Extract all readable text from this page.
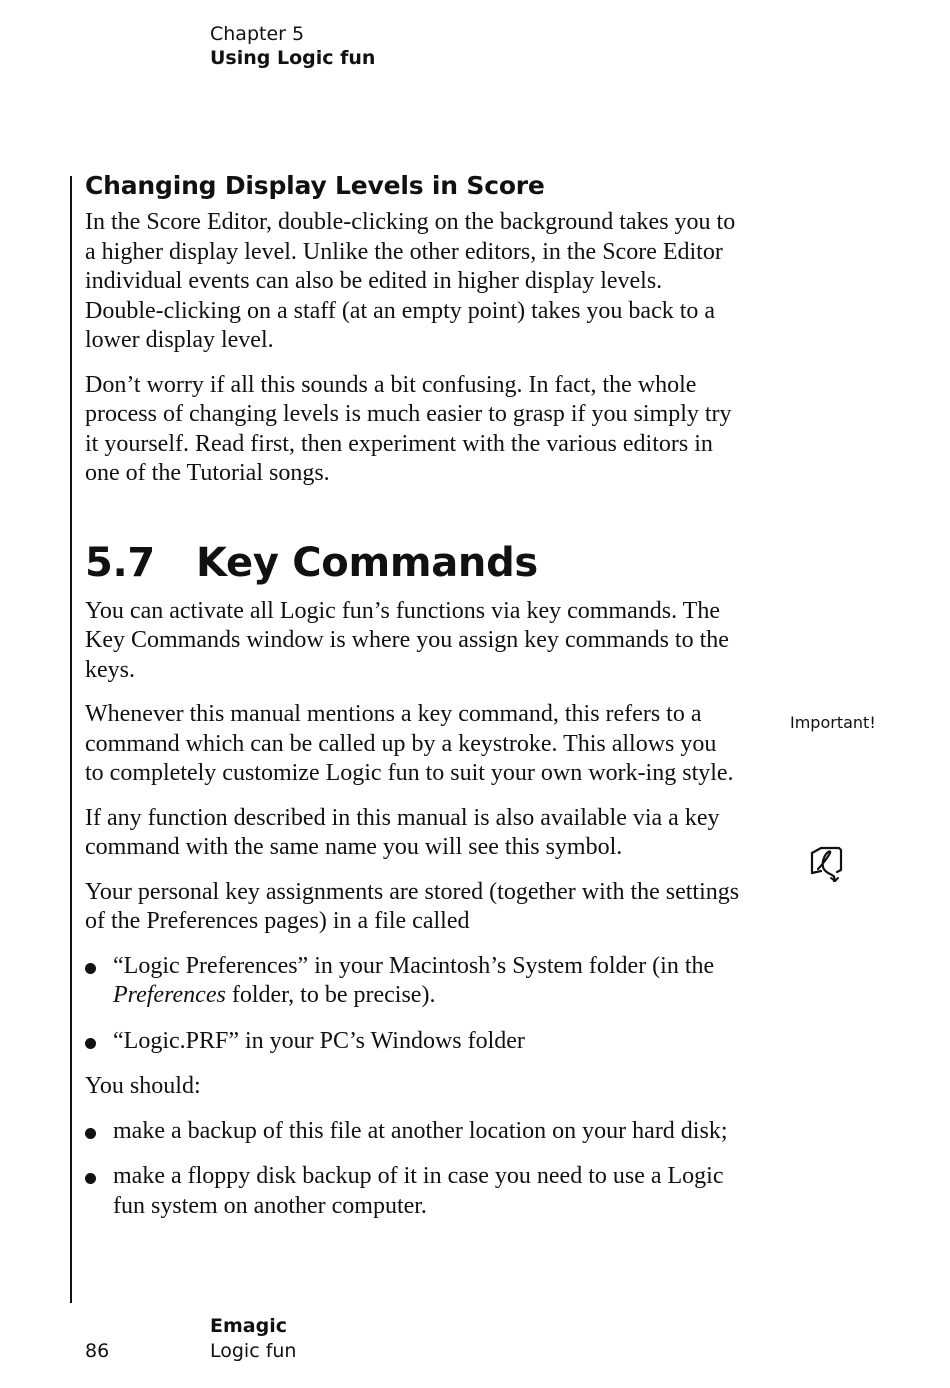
Chapter 5
Using Logic fun
Changing Display Levels in Score

In the Score Editor, double-clicking on the background takes you to a higher display level. Unlike the other editors, in the Score Editor individual events can also be edited in higher display levels. Double-clicking on a staff (at an empty point) takes you back to a lower display level.

Don’t worry if all this sounds a bit confusing. In fact, the whole process of changing levels is much easier to grasp if you simply try it yourself. Read first, then experiment with the various editors in one of the Tutorial songs.

5.7 Key Commands

You can activate all Logic fun’s functions via key commands. The Key Commands window is where you assign key commands to the keys.

Whenever this manual mentions a key command, this refers to a command which can be called up by a keystroke. This allows you to completely customize Logic fun to suit your own work-ing style.

If any function described in this manual is also available via a key command with the same name you will see this symbol.

Your personal key assignments are stored (together with the settings of the Preferences pages) in a file called

“Logic Preferences” in your Macintosh’s System folder (in the Preferences folder, to be precise).
“Logic.PRF” in your PC’s Windows folder

You should:

make a backup of this file at another location on your hard disk;
make a floppy disk backup of it in case you need to use a Logic fun system on another computer.
Important!
Emagic
Logic fun
86
